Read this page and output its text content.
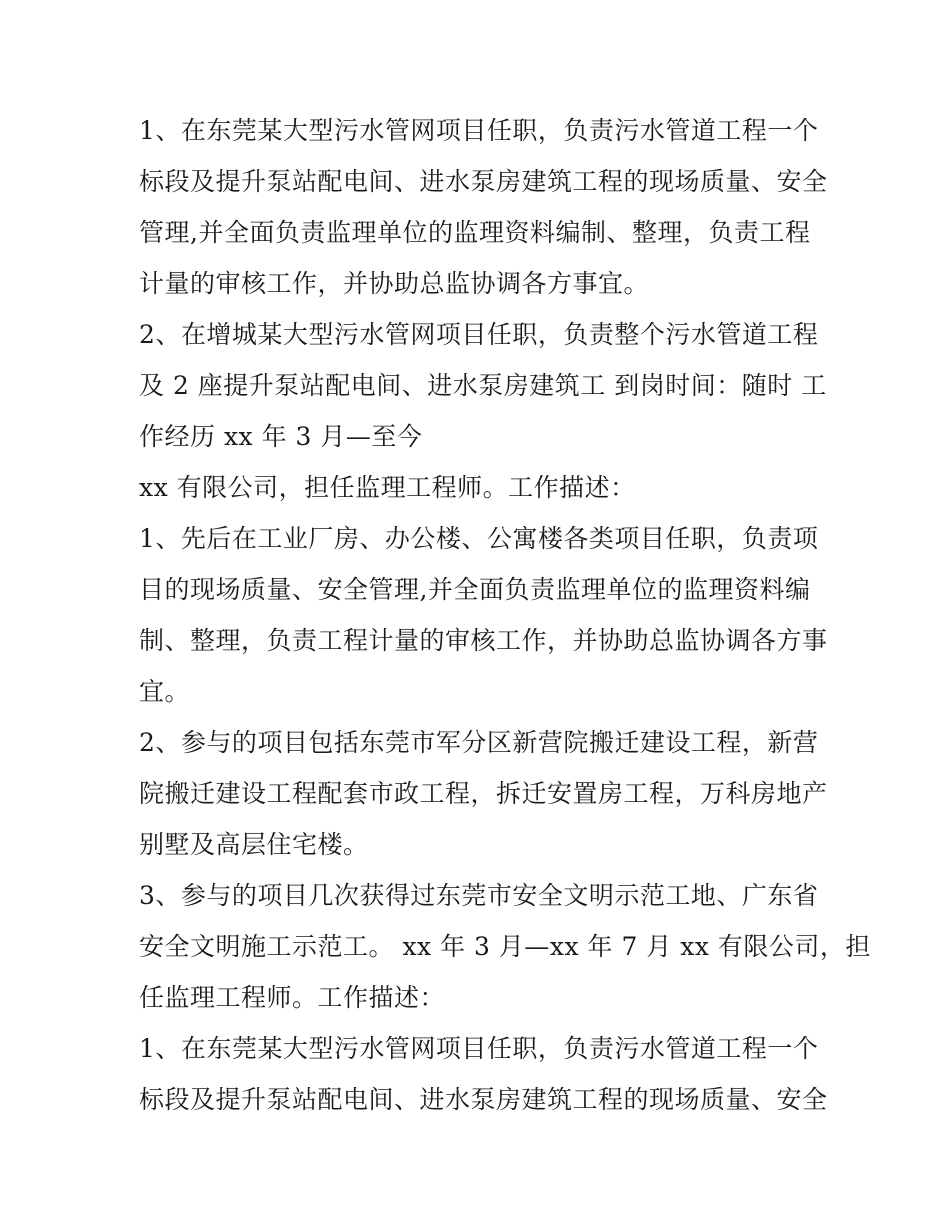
1、在东莞某大型污水管网项目任职，负责污水管道工程一个
标段及提升泵站配电间、进水泵房建筑工程的现场质量、安全
管理,并全面负责监理单位的监理资料编制、整理，负责工程
计量的审核工作，并协助总监协调各方事宜。
2、在增城某大型污水管网项目任职，负责整个污水管道工程
及 2 座提升泵站配电间、进水泵房建筑工 到岗时间：随时 工
作经历 xx 年 3 月—至今
xx 有限公司，担任监理工程师。工作描述：
1、先后在工业厂房、办公楼、公寓楼各类项目任职，负责项
目的现场质量、安全管理,并全面负责监理单位的监理资料编
制、整理，负责工程计量的审核工作，并协助总监协调各方事
宜。
2、参与的项目包括东莞市军分区新营院搬迁建设工程，新营
院搬迁建设工程配套市政工程，拆迁安置房工程，万科房地产
别墅及高层住宅楼。
3、参与的项目几次获得过东莞市安全文明示范工地、广东省
安全文明施工示范工。 xx 年 3 月—xx 年 7 月 xx 有限公司，担
任监理工程师。工作描述：
1、在东莞某大型污水管网项目任职，负责污水管道工程一个
标段及提升泵站配电间、进水泵房建筑工程的现场质量、安全
